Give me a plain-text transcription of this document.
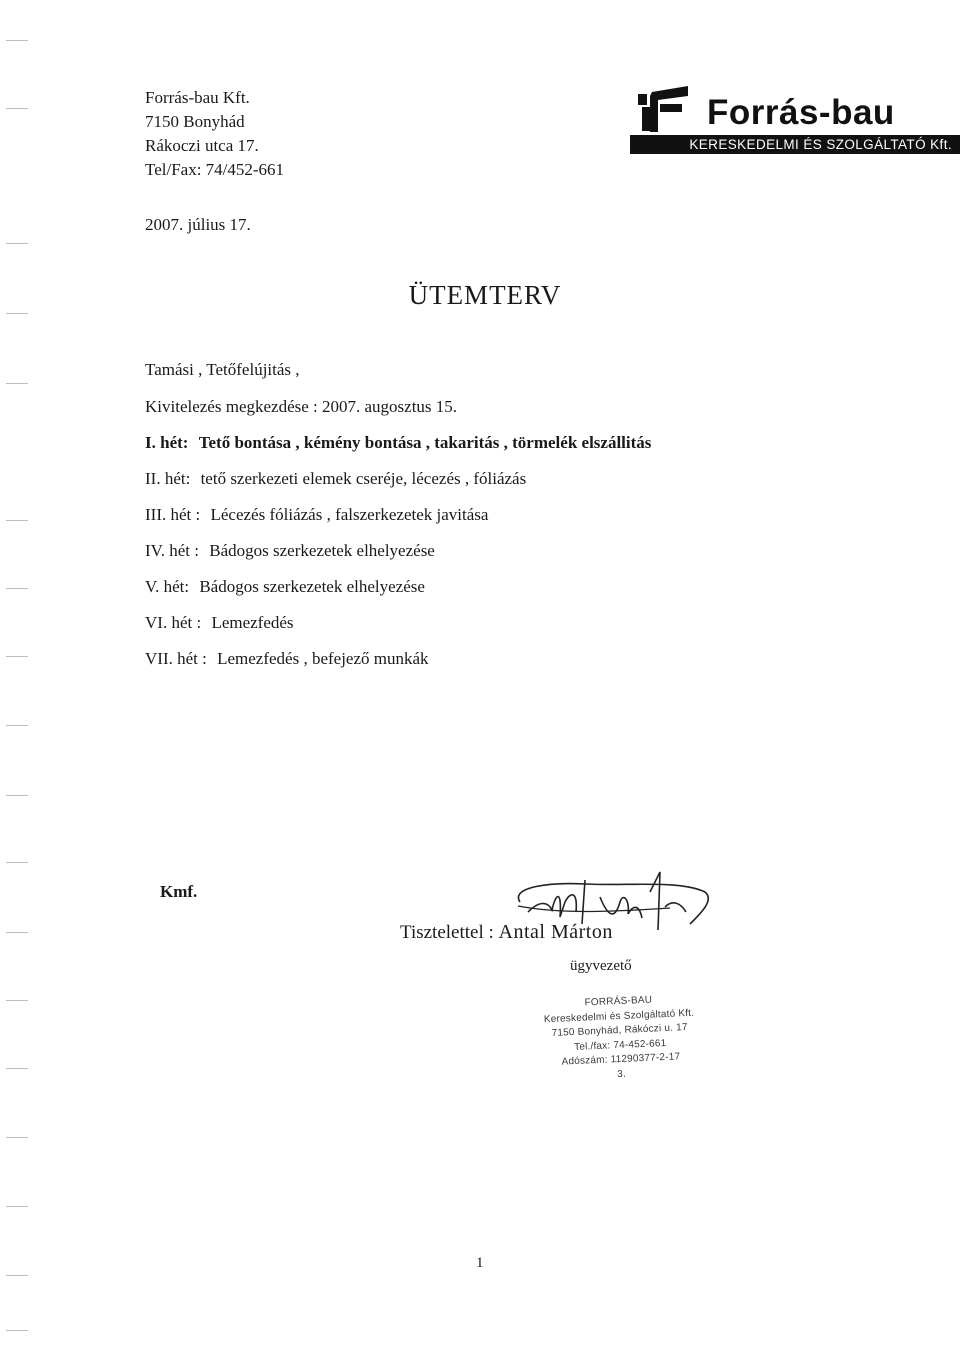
Forrás-bau Kft.
7150 Bonyhád
Rákoczi utca 17.
Tel/Fax: 74/452-661
Forrás-bau
KERESKEDELMI ÉS SZOLGÁLTATÓ Kft.
2007. július 17.
ÜTEMTERV
Tamási , Tetőfelújitás ,
Kivitelezés megkezdése : 2007. augosztus 15.
I. hét: Tető bontása , kémény bontása , takaritás , törmelék elszállitás
II. hét: tető szerkezeti elemek cseréje, lécezés , fóliázás
III. hét : Lécezés fóliázás , falszerkezetek javitása
IV. hét : Bádogos szerkezetek elhelyezése
V. hét: Bádogos szerkezetek elhelyezése
VI. hét : Lemezfedés
VII. hét : Lemezfedés , befejező munkák
Kmf.
Tisztelettel : Antal Márton
ügyvezető
FORRÁS-BAU
Kereskedelmi és Szolgáltató Kft.
7150 Bonyhád, Rákóczi u. 17
Tel./fax: 74-452-661
Adószám: 11290377-2-17
3.
1
